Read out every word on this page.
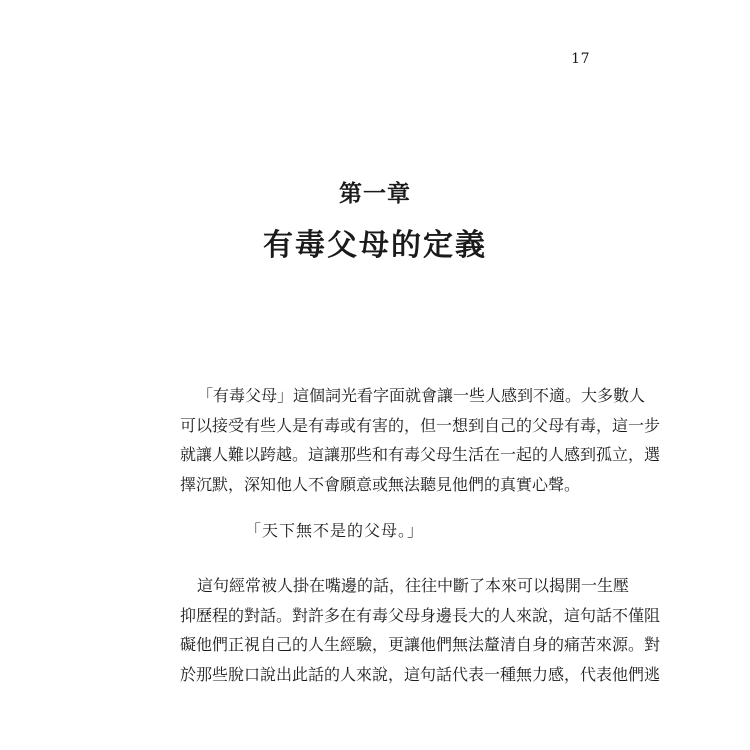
17
第一章
有毒父母的定義
「有毒父母」這個詞光看字面就會讓一些人感到不適。大多數人
可以接受有些人是有毒或有害的，但一想到自己的父母有毒，這一步
就讓人難以跨越。這讓那些和有毒父母生活在一起的人感到孤立，選
擇沉默，深知他人不會願意或無法聽見他們的真實心聲。

「天下無不是的父母。」

這句經常被人掛在嘴邊的話，往往中斷了本來可以揭開一生壓
抑歷程的對話。對許多在有毒父母身邊長大的人來說，這句話不僅阻
礙他們正視自己的人生經驗，更讓他們無法釐清自身的痛苦來源。對
於那些脫口說出此話的人來說，這句話代表一種無力感，代表他們逃
